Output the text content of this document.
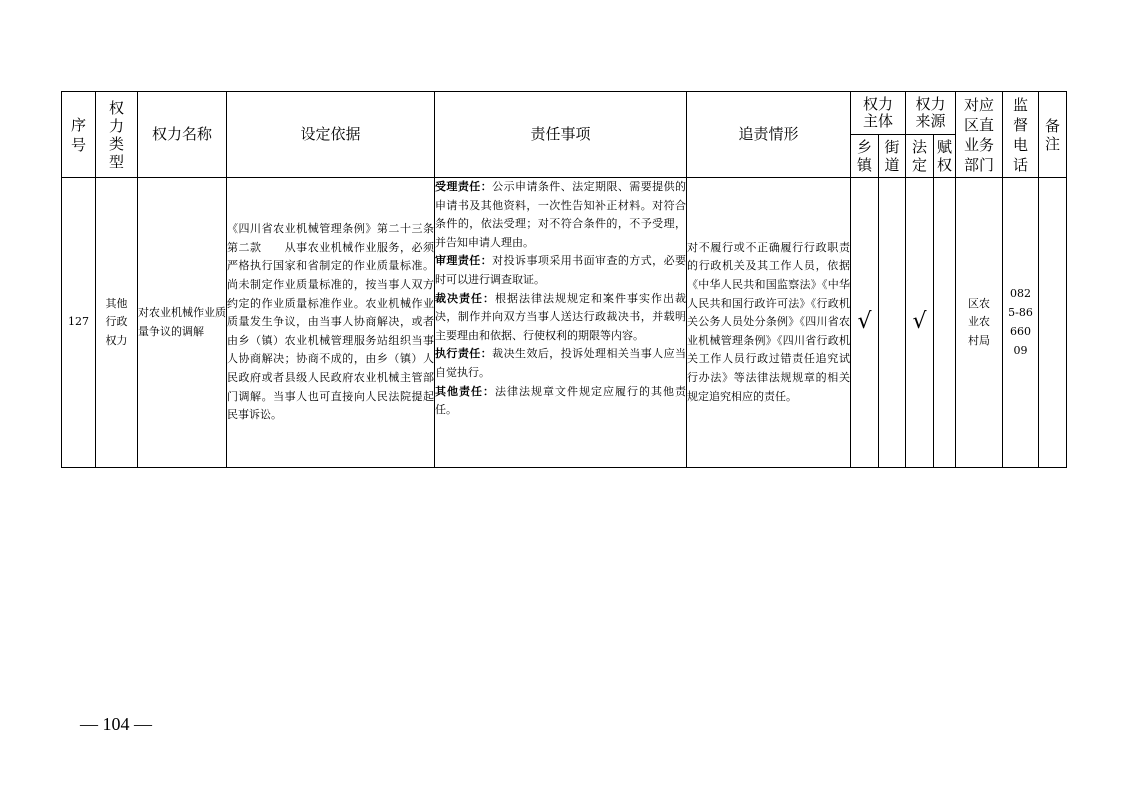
序号	权力类型	权力名称	设定依据	责任事项	追责情形	权力主体		权力来源		对应区直业务部门	监督电话	备注
						乡镇	街道	法定	赋权			
127	其他行政权力	对农业机械作业质量争议的调解	《四川省农业机械管理条例》第二十三条第二款　　从事农业机械作业服务，必须严格执行国家和省制定的作业质量标准。尚未制定作业质量标准的，按当事人双方约定的作业质量标准作业。农业机械作业质量发生争议，由当事人协商解决，或者由乡（镇）农业机械管理服务站组织当事人协商解决；协商不成的，由乡（镇）人民政府或者县级人民政府农业机械主管部门调解。当事人也可直接向人民法院提起民事诉讼。	受理责任：公示申请条件、法定期限、需要提供的申请书及其他资料，一次性告知补正材料。对符合条件的，依法受理；对不符合条件的，不予受理，并告知申请人理由。
审理责任：对投诉事项采用书面审查的方式，必要时可以进行调查取证。
裁决责任：根据法律法规规定和案件事实作出裁决，制作并向双方当事人送达行政裁决书，并载明主要理由和依据、行使权利的期限等内容。
执行责任：裁决生效后，投诉处理相关当事人应当自觉执行。
其他责任：法律法规章文件规定应履行的其他责任。	对不履行或不正确履行行政职责的行政机关及其工作人员，依据《中华人民共和国监察法》《中华人民共和国行政许可法》《行政机关公务人员处分条例》《四川省农业机械管理条例》《四川省行政机关工作人员行政过错责任追究试行办法》等法律法规规章的相关规定追究相应的责任。	√		√		区农业农村局	0825-8666009	
— 104 —
